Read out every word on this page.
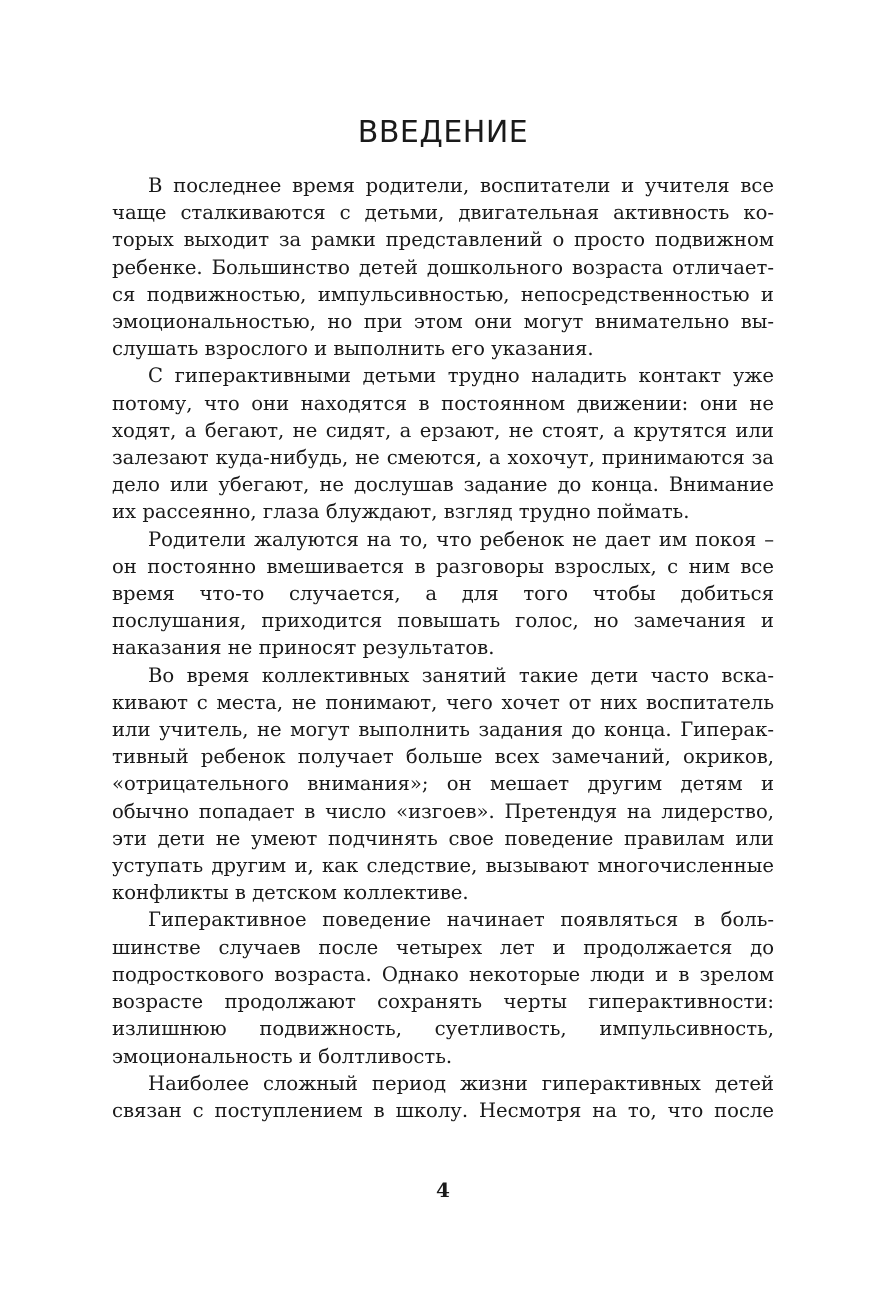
ВВЕДЕНИЕ

В последнее время родители, воспитатели и учителя все чаще сталкиваются с детьми, двигательная активность которых выходит за рамки представлений о просто подвижном ребенке. Большинство детей дошкольного возраста отличается подвижностью, импульсивностью, непосредственностью и эмоциональностью, но при этом они могут внимательно выслушать взрослого и выполнить его указания.

С гиперактивными детьми трудно наладить контакт уже потому, что они находятся в постоянном движении: они не ходят, а бегают, не сидят, а ерзают, не стоят, а крутятся или залезают куда-нибудь, не смеются, а хохочут, принимаются за дело или убегают, не дослушав задание до конца. Внимание их рассеянно, глаза блуждают, взгляд трудно поймать.

Родители жалуются на то, что ребенок не дает им покоя – он постоянно вмешивается в разговоры взрослых, с ним все время что-то случается, а для того чтобы добиться послушания, приходится повышать голос, но замечания и наказания не приносят результатов.

Во время коллективных занятий такие дети часто вскакивают с места, не понимают, чего хочет от них воспитатель или учитель, не могут выполнить задания до конца. Гиперактивный ребенок получает больше всех замечаний, окриков, «отрицательного внимания»; он мешает другим детям и обычно попадает в число «изгоев». Претендуя на лидерство, эти дети не умеют подчинять свое поведение правилам или уступать другим и, как следствие, вызывают многочисленные конфликты в детском коллективе.

Гиперактивное поведение начинает появляться в большинстве случаев после четырех лет и продолжается до подросткового возраста. Однако некоторые люди и в зрелом возрасте продолжают сохранять черты гиперактивности: излишнюю подвижность, суетливость, импульсивность, эмоциональность и болтливость.

Наиболее сложный период жизни гиперактивных детей связан с поступлением в школу. Несмотря на то, что после

4
